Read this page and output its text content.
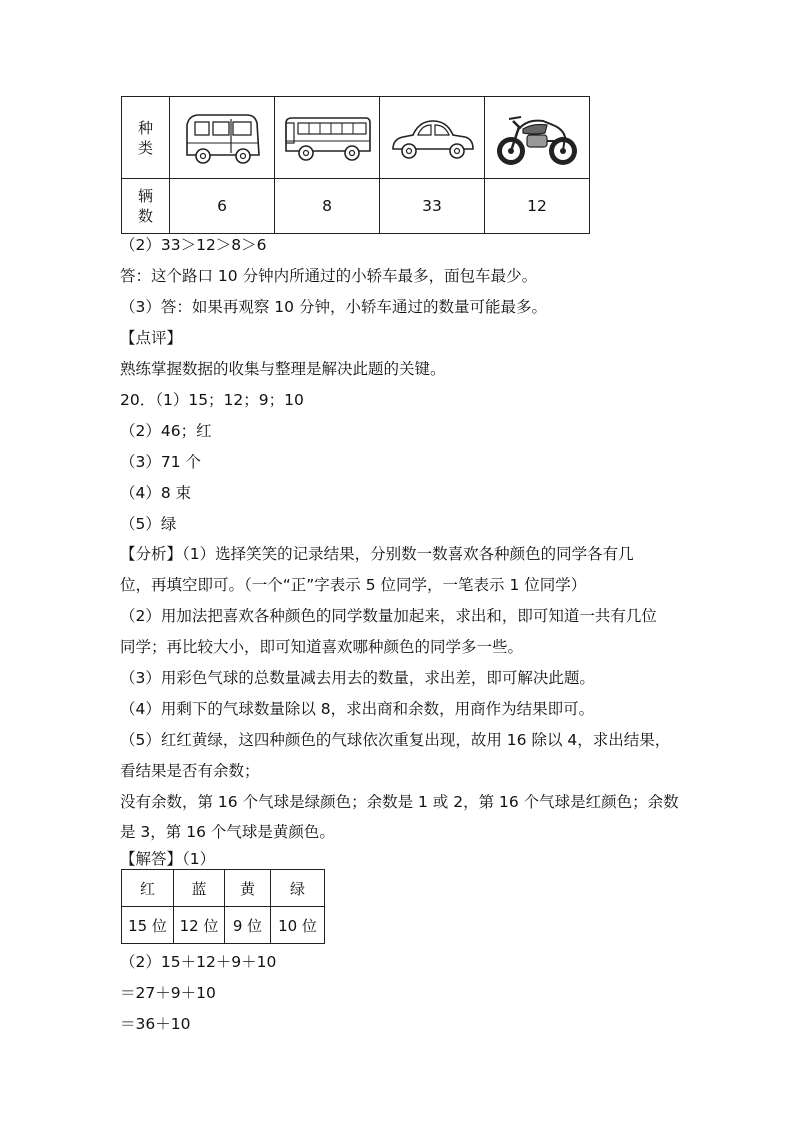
种类	

辆数	6	8	33	12
（2）33＞12＞8＞6
答：这个路口 10 分钟内所通过的小轿车最多，面包车最少。
（3）答：如果再观察 10 分钟，小轿车通过的数量可能最多。
【点评】
熟练掌握数据的收集与整理是解决此题的关键。
20．（1）15；12；9；10
（2）46；红
（3）71 个
（4）8 束
（5）绿
【分析】（1）选择笑笑的记录结果，分别数一数喜欢各种颜色的同学各有几
位，再填空即可。（一个“正”字表示 5 位同学，一笔表示 1 位同学）
（2）用加法把喜欢各种颜色的同学数量加起来，求出和，即可知道一共有几位
同学；再比较大小，即可知道喜欢哪种颜色的同学多一些。
（3）用彩色气球的总数量减去用去的数量，求出差，即可解决此题。
（4）用剩下的气球数量除以 8，求出商和余数，用商作为结果即可。
（5）红红黄绿，这四种颜色的气球依次重复出现，故用 16 除以 4，求出结果，
看结果是否有余数；
没有余数，第 16 个气球是绿颜色；余数是 1 或 2，第 16 个气球是红颜色；余数
是 3，第 16 个气球是黄颜色。
【解答】（1）
红	蓝	黄	绿
15 位	12 位	9 位	10 位
（2）15＋12＋9＋10
＝27＋9＋10
＝36＋10
